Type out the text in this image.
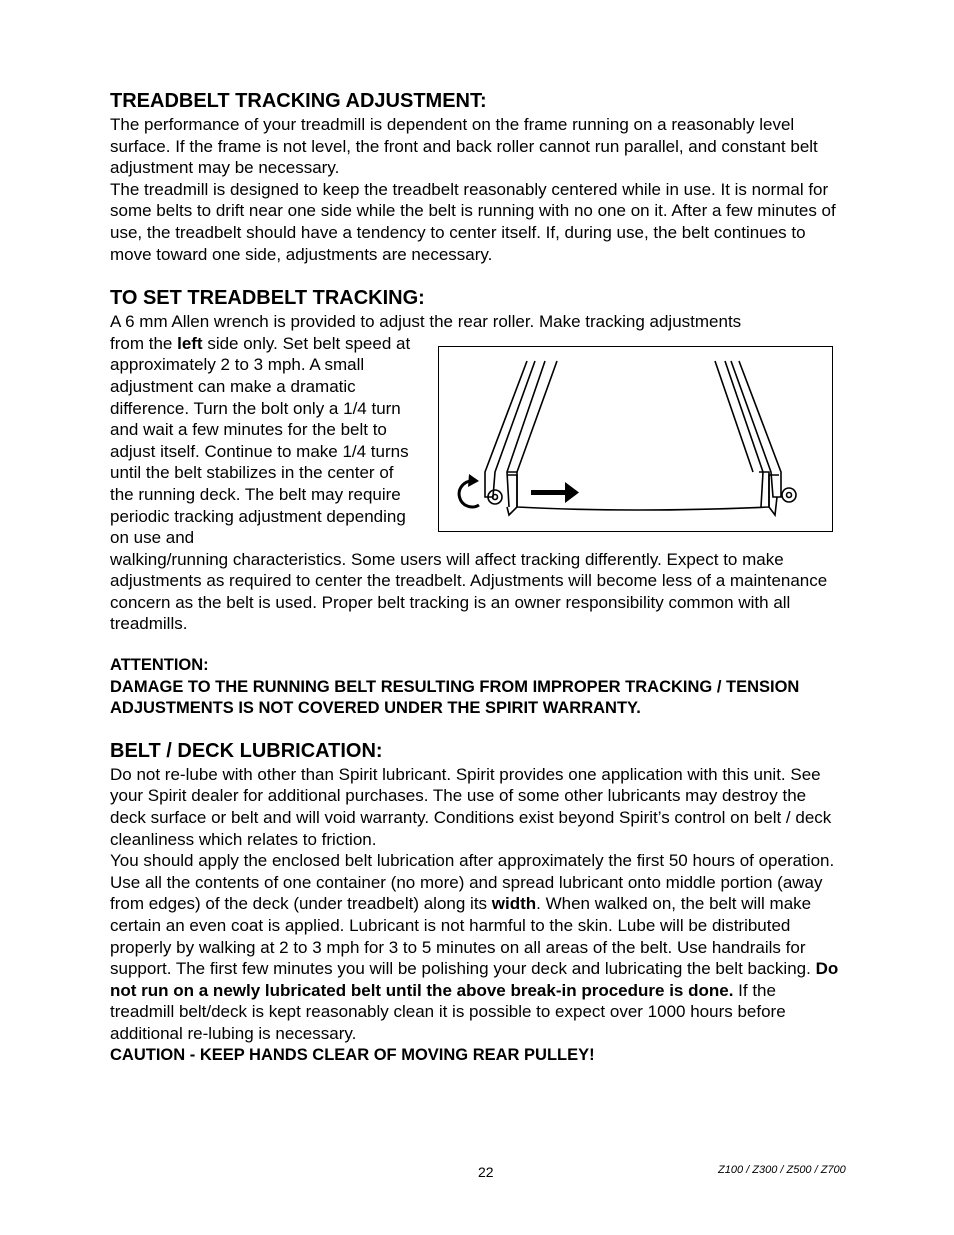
TREADBELT TRACKING ADJUSTMENT:

The performance of your treadmill is dependent on the frame running on a reasonably level surface. If the frame is not level, the front and back roller cannot run parallel, and constant belt adjustment may be necessary.

The treadmill is designed to keep the treadbelt reasonably centered while in use. It is normal for some belts to drift near one side while the belt is running with no one on it. After a few minutes of use, the treadbelt should have a tendency to center itself. If, during use, the belt continues to move toward one side, adjustments are necessary.

TO SET TREADBELT TRACKING:

A 6 mm Allen wrench is provided to adjust the rear roller. Make tracking adjustments

from the left side only. Set belt speed at approximately 2 to 3 mph. A small adjustment can make a dramatic difference. Turn the bolt only a 1/4 turn and wait a few minutes for the belt to adjust itself. Continue to make 1/4 turns until the belt stabilizes in the center of the running deck. The belt may require periodic tracking adjustment depending on use and

walking/running characteristics. Some users will affect tracking differently. Expect to make adjustments as required to center the treadbelt. Adjustments will become less of a maintenance concern as the belt is used. Proper belt tracking is an owner responsibility common with all treadmills.

ATTENTION:

DAMAGE TO THE RUNNING BELT RESULTING FROM IMPROPER TRACKING / TENSION ADJUSTMENTS IS NOT COVERED UNDER THE SPIRIT WARRANTY.

BELT / DECK LUBRICATION:

Do not re-lube with other than Spirit lubricant. Spirit provides one application with this unit. See your Spirit dealer for additional purchases. The use of some other lubricants may destroy the deck surface or belt and will void warranty. Conditions exist beyond Spirit’s control on belt / deck cleanliness which relates to friction.

You should apply the enclosed belt lubrication after approximately the first 50 hours of operation. Use all the contents of one container (no more) and spread lubricant onto middle portion (away from edges) of the deck (under treadbelt) along its width. When walked on, the belt will make certain an even coat is applied. Lubricant is not harmful to the skin. Lube will be distributed properly by walking at 2 to 3 mph for 3 to 5 minutes on all areas of the belt. Use handrails for support. The first few minutes you will be polishing your deck and lubricating the belt backing. Do not run on a newly lubricated belt until the above break-in procedure is done. If the treadmill belt/deck is kept reasonably clean it is possible to expect over 1000 hours before additional re-lubing is necessary.

CAUTION - KEEP HANDS CLEAR OF MOVING REAR PULLEY!

22	Z100 / Z300 / Z500 / Z700
